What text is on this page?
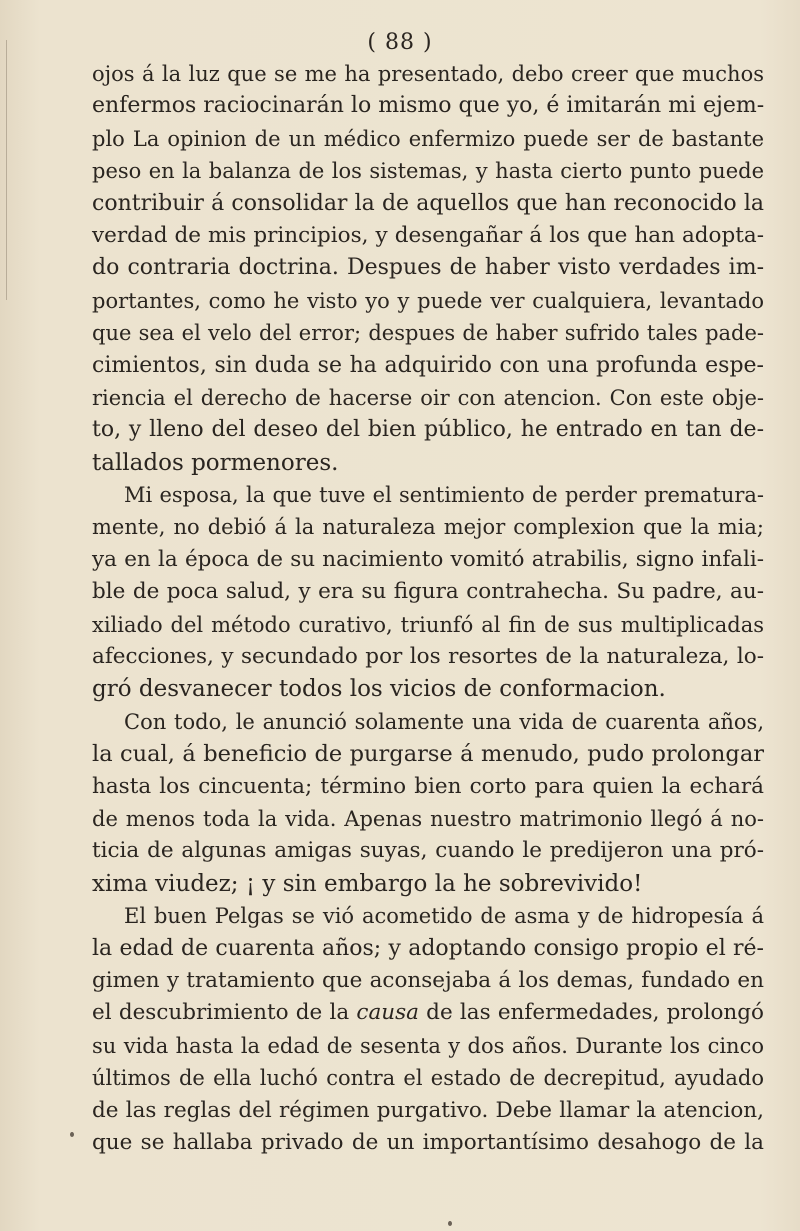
( 88 )
ojos á la luz que se me ha presentado, debo creer que muchos
enfermos raciocinarán lo mismo que yo, é imitarán mi ejem-
plo La opinion de un médico enfermizo puede ser de bastante
peso en la balanza de los sistemas, y hasta cierto punto puede
contribuir á consolidar la de aquellos que han reconocido la
verdad de mis principios, y desengañar á los que han adopta-
do contraria doctrina. Despues de haber visto verdades im-
portantes, como he visto yo y puede ver cualquiera, levantado
que sea el velo del error; despues de haber sufrido tales pade-
cimientos, sin duda se ha adquirido con una profunda espe-
riencia el derecho de hacerse oir con atencion. Con este obje-
to, y lleno del deseo del bien público, he entrado en tan de-
tallados pormenores.
Mi esposa, la que tuve el sentimiento de perder prematura-
mente, no debió á la naturaleza mejor complexion que la mia;
ya en la época de su nacimiento vomitó atrabilis, signo infali-
ble de poca salud, y era su figura contrahecha. Su padre, au-
xiliado del método curativo, triunfó al fin de sus multiplicadas
afecciones, y secundado por los resortes de la naturaleza, lo-
gró desvanecer todos los vicios de conformacion.
Con todo, le anunció solamente una vida de cuarenta años,
la cual, á beneficio de purgarse á menudo, pudo prolongar
hasta los cincuenta; término bien corto para quien la echará
de menos toda la vida. Apenas nuestro matrimonio llegó á no-
ticia de algunas amigas suyas, cuando le predijeron una pró-
xima viudez; ¡ y sin embargo la he sobrevivido!
El buen Pelgas se vió acometido de asma y de hidropesía á
la edad de cuarenta años; y adoptando consigo propio el ré-
gimen y tratamiento que aconsejaba á los demas, fundado en
el descubrimiento de la causa de las enfermedades, prolongó
su vida hasta la edad de sesenta y dos años. Durante los cinco
últimos de ella luchó contra el estado de decrepitud, ayudado
de las reglas del régimen purgativo. Debe llamar la atencion,
que se hallaba privado de un importantísimo desahogo de la
